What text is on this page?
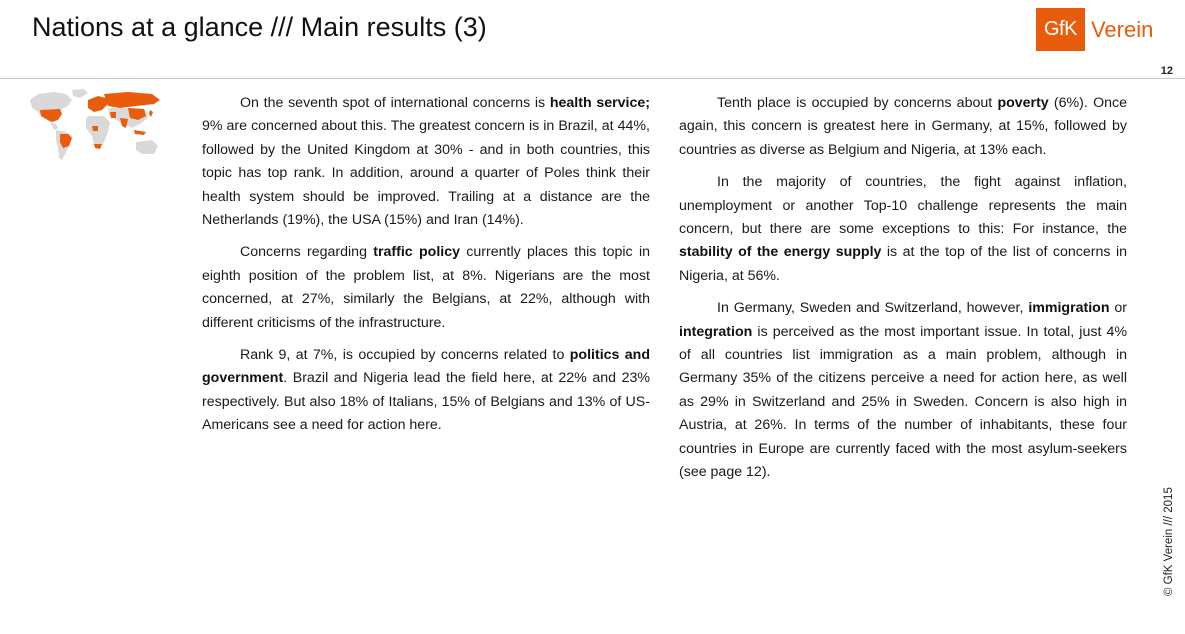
Nations at a glance /// Main results (3)	GfK Verein
12

On the seventh spot of international concerns is health service; 9% are concerned about this. The greatest concern is in Brazil, at 44%, followed by the United Kingdom at 30% - and in both countries, this topic has top rank. In addition, around a quarter of Poles think their health system should be improved. Trailing at a distance are the Netherlands (19%), the USA (15%) and Iran (14%).

Concerns regarding traffic policy currently places this topic in eighth position of the problem list, at 8%. Nigerians are the most concerned, at 27%, similarly the Belgians, at 22%, although with different criticisms of the infrastructure.

Rank 9, at 7%, is occupied by concerns related to politics and government. Brazil and Nigeria lead the field here, at 22% and 23% respectively. But also 18% of Italians, 15% of Belgians and 13% of US-Americans see a need for action here.

Tenth place is occupied by concerns about poverty (6%). Once again, this concern is greatest here in Germany, at 15%, followed by countries as diverse as Belgium and Nigeria, at 13% each.

In the majority of countries, the fight against inflation, unemployment or another Top-10 challenge represents the main concern, but there are some exceptions to this: For instance, the stability of the energy supply is at the top of the list of concerns in Nigeria, at 56%.

In Germany, Sweden and Switzerland, however, immigration or integration is perceived as the most important issue. In total, just 4% of all countries list immigration as a main problem, although in Germany 35% of the citizens perceive a need for action here, as well as 29% in Switzerland and 25% in Sweden. Concern is also high in Austria, at 26%. In terms of the number of inhabitants, these four countries in Europe are currently faced with the most asylum-seekers (see page 12).

© GfK Verein /// 2015
